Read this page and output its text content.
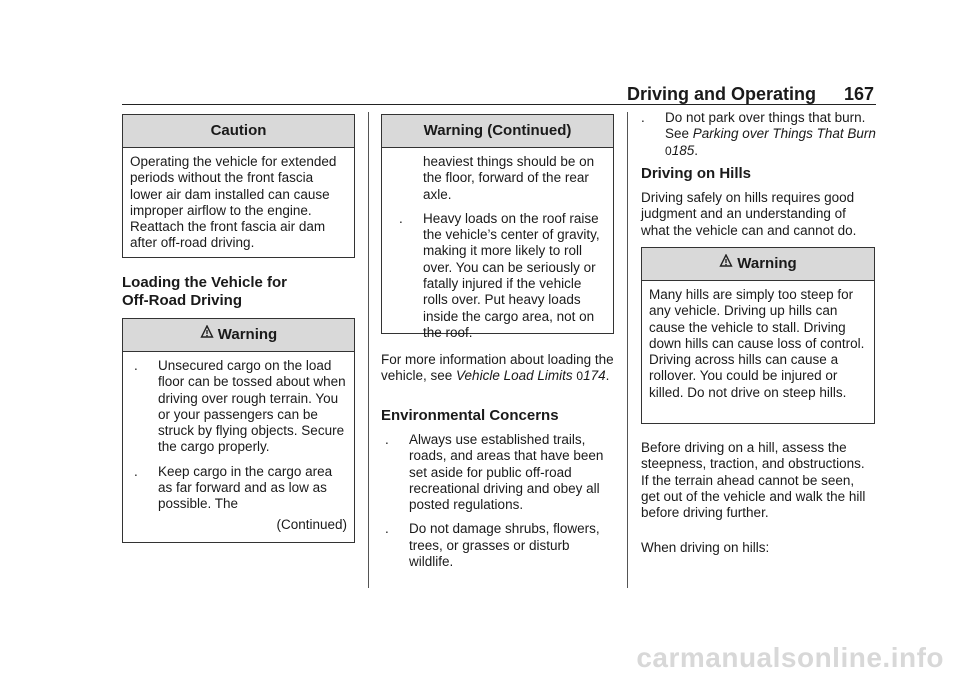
Driving and Operating 167
Caution
Operating the vehicle for extended periods without the front fascia lower air dam installed can cause improper airflow to the engine. Reattach the front fascia air dam after off-road driving.
Loading the Vehicle for
Off-Road Driving
Warning
. Unsecured cargo on the load floor can be tossed about when driving over rough terrain. You or your passengers can be struck by flying objects. Secure the cargo properly.
. Keep cargo in the cargo area as far forward and as low as possible. The
(Continued)
Warning (Continued)
heaviest things should be on the floor, forward of the rear axle.
. Heavy loads on the roof raise the vehicle’s center of gravity, making it more likely to roll over. You can be seriously or fatally injured if the vehicle rolls over. Put heavy loads inside the cargo area, not on the roof.
For more information about loading the vehicle, see Vehicle Load Limits 0174.
Environmental Concerns
. Always use established trails, roads, and areas that have been set aside for public off-road recreational driving and obey all posted regulations.
. Do not damage shrubs, flowers, trees, or grasses or disturb wildlife.
. Do not park over things that burn. See Parking over Things That Burn 0185.
Driving on Hills
Driving safely on hills requires good judgment and an understanding of what the vehicle can and cannot do.
Warning
Many hills are simply too steep for any vehicle. Driving up hills can cause the vehicle to stall. Driving down hills can cause loss of control. Driving across hills can cause a rollover. You could be injured or killed. Do not drive on steep hills.
Before driving on a hill, assess the steepness, traction, and obstructions. If the terrain ahead cannot be seen, get out of the vehicle and walk the hill before driving further.
When driving on hills:
carmanualsonline.info
